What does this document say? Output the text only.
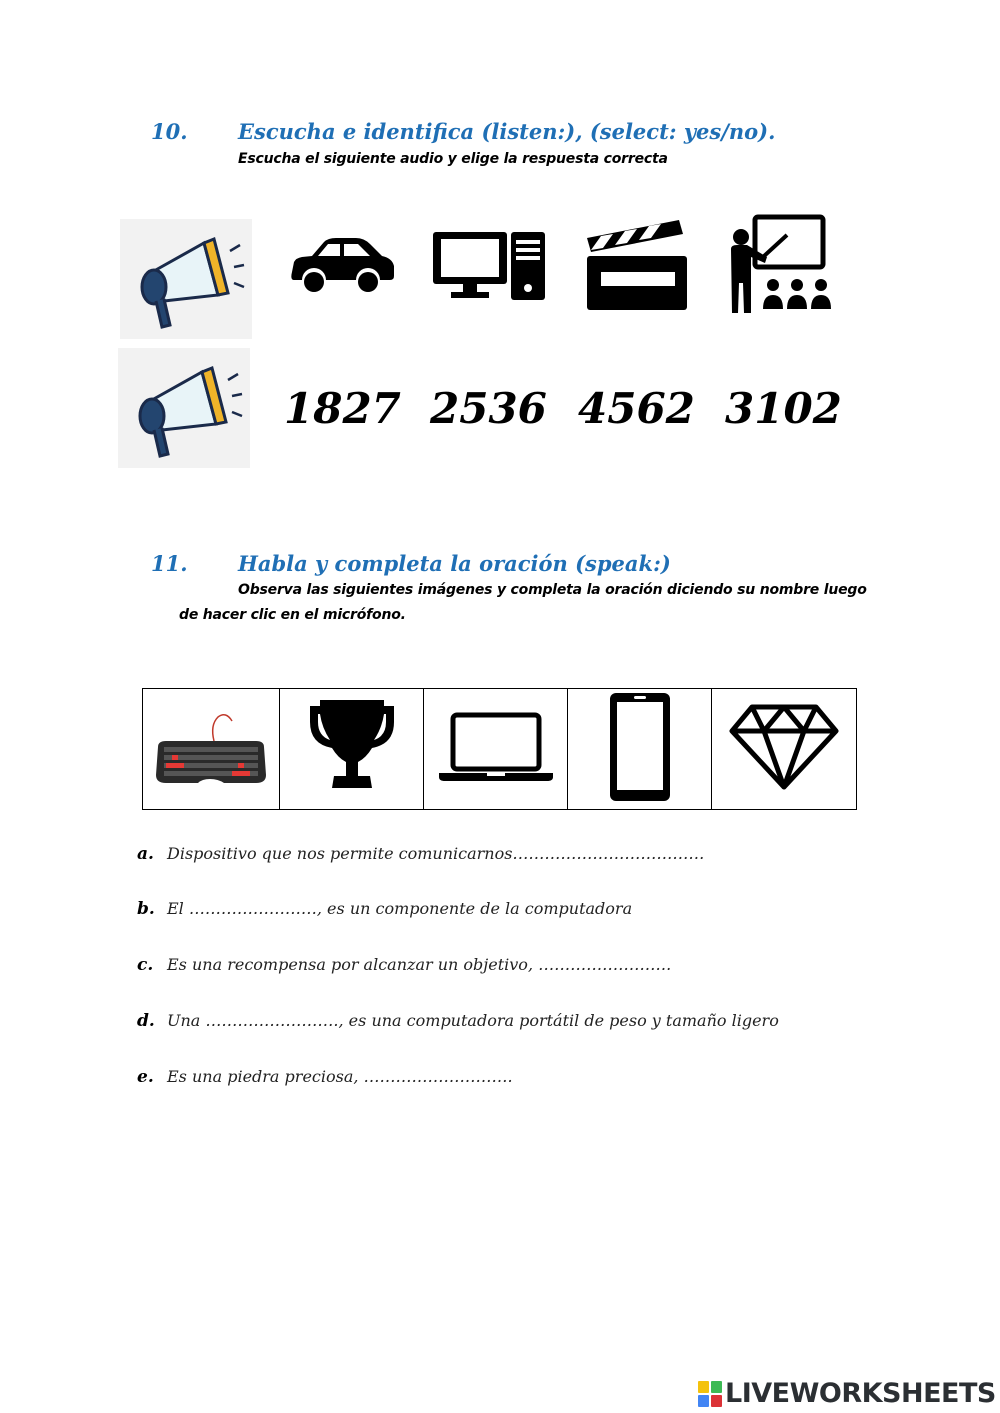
10. Escucha e identifica (listen:), (select: yes/no).
Escucha el siguiente audio y elige la respuesta correcta
1827 2536 4562 3102
11. Habla y completa la oración (speak:)
Observa las siguientes imágenes y completa la oración diciendo su nombre luego
de hacer clic en el micrófono.

a. Dispositivo que nos permite comunicarnos………………………………
b. El ……………………, es un componente de la computadora
c. Es una recompensa por alcanzar un objetivo, …………………….
d. Una ……………………., es una computadora portátil de peso y tamaño ligero
e. Es una piedra preciosa, ……………………….
LIVEWORKSHEETS
